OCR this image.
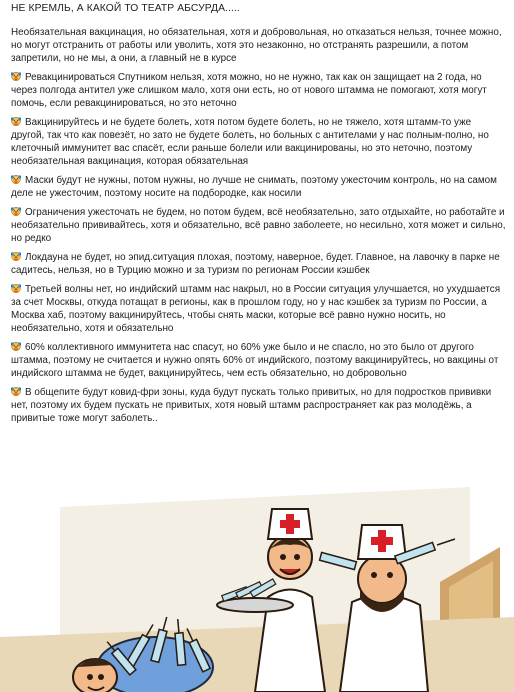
НЕ КРЕМЛЬ, А КАКОЙ ТО ТЕАТР АБСУРДА.....
Необязательная вакцинация, но обязательная, хотя и добровольная, но отказаться нельзя, точнее можно, но могут отстранить от работы или уволить, хотя это незаконно, но отстранять разрешили, а потом запретили, но не мы, а они, а главный не в курсе
Ревакцинироваться Спутником нельзя, хотя можно, но не нужно, так как он защищает на 2 года, но через полгода антител уже слишком мало, хотя они есть, но от нового штамма не помогают, хотя могут помочь, если ревакцинироваться, но это неточно
Вакцинируйтесь и не будете болеть, хотя потом будете болеть, но не тяжело, хотя штамм-то уже другой, так что как повезёт, но зато не будете болеть, но больных с антителами у нас полным-полно, но клеточный иммунитет вас спасёт, если раньше болели или вакцинированы, но это неточно, поэтому необязательная вакцинация, которая обязательная
Маски будут не нужны, потом нужны, но лучше не снимать, поэтому ужесточим контроль, но на самом деле не ужесточим, поэтому носите на подбородке, как носили
Ограничения ужесточать не будем, но потом будем, всё необязательно, зато отдыхайте, но работайте и необязательно прививайтесь, хотя и обязательно, всё равно заболеете, но несильно, хотя может и сильно, но редко
Локдауна не будет, но эпид.ситуация плохая, поэтому, наверное, будет. Главное, на лавочку в парке не садитесь, нельзя, но в Турцию можно и за туризм по регионам России кэшбек
Третьей волны нет, но индийский штамм нас накрыл, но в России ситуация улучшается, но ухудшается за счет Москвы, откуда потащат в регионы, как в прошлом году, но у нас кэшбек за туризм по России, а Москва хаб, поэтому вакцинируйтесь, чтобы снять маски, которые всё равно нужно носить, но необязательно, хотя и обязательно
60% коллективного иммунитета нас спасут, но 60% уже было и не спасло, но это было от другого штамма, поэтому не считается и нужно опять 60% от индийского, поэтому вакцинируйтесь, но вакцины от индийского штамма не будет, вакцинируйтесь, чем есть обязательно, но добровольно
В общепите будут ковид-фри зоны, куда будут пускать только привитых, но для подростков прививки нет, поэтому их будем пускать не привитых, хотя новый штамм распространяет как раз молодёжь, а привитые тоже могут заболеть..
